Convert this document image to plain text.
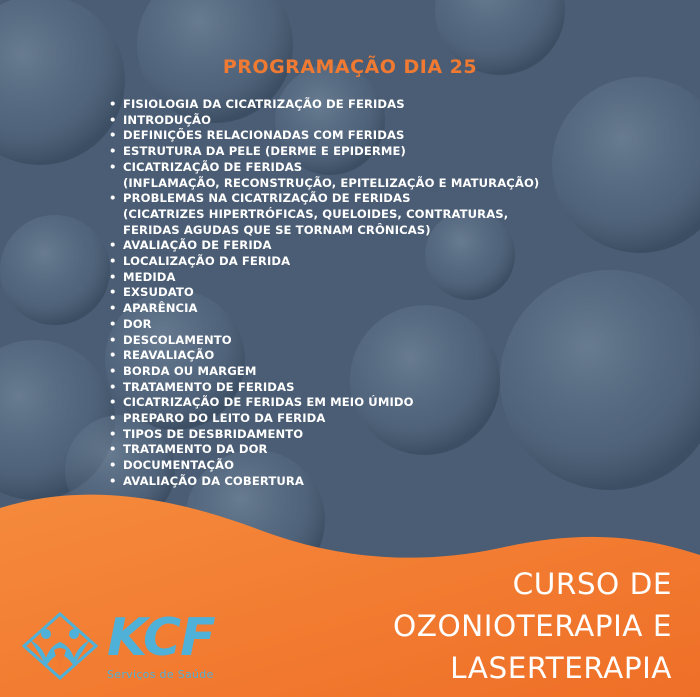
PROGRAMAÇÃO DIA 25
• FISIOLOGIA DA CICATRIZAÇÃO DE FERIDAS
• INTRODUÇÃO
• DEFINIÇÕES RELACIONADAS COM FERIDAS
• ESTRUTURA DA PELE (DERME E EPIDERME)
• CICATRIZAÇÃO DE FERIDAS
(INFLAMAÇÃO, RECONSTRUÇÃO, EPITELIZAÇÃO E MATURAÇÃO)
• PROBLEMAS NA CICATRIZAÇÃO DE FERIDAS
(CICATRIZES HIPERTRÓFICAS, QUELOIDES, CONTRATURAS,
FERIDAS AGUDAS QUE SE TORNAM CRÔNICAS)
• AVALIAÇÃO DE FERIDA
• LOCALIZAÇÃO DA FERIDA
• MEDIDA
• EXSUDATO
• APARÊNCIA
• DOR
• DESCOLAMENTO
• REAVALIAÇÃO
• BORDA OU MARGEM
• TRATAMENTO DE FERIDAS
• CICATRIZAÇÃO DE FERIDAS EM MEIO ÚMIDO
• PREPARO DO LEITO DA FERIDA
• TIPOS DE DESBRIDAMENTO
• TRATAMENTO DA DOR
• DOCUMENTAÇÃO
• AVALIAÇÃO DA COBERTURA
CURSO DE
OZONIOTERAPIA E
LASERTERAPIA
KCF
Serviços de Saúde
